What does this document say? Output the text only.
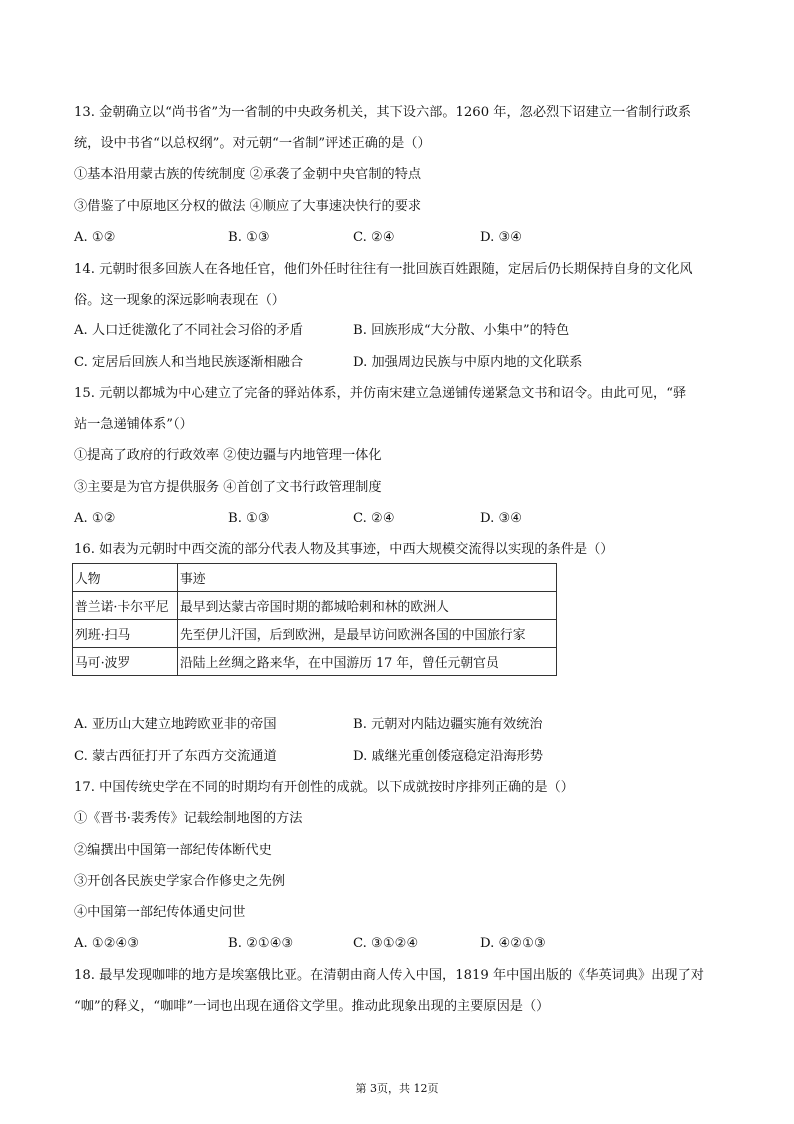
13. 金朝确立以“尚书省”为一省制的中央政务机关，其下设六部。1260 年，忽必烈下诏建立一省制行政系
统，设中书省“以总权纲”。对元朝“一省制”评述正确的是（）
①基本沿用蒙古族的传统制度 ②承袭了金朝中央官制的特点
③借鉴了中原地区分权的做法 ④顺应了大事速决快行的要求
A. ①②	B. ①③	C. ②④	D. ③④
14. 元朝时很多回族人在各地任官，他们外任时往往有一批回族百姓跟随，定居后仍长期保持自身的文化风
俗。这一现象的深远影响表现在（）
A. 人口迁徙激化了不同社会习俗的矛盾	B. 回族形成“大分散、小集中”的特色
C. 定居后回族人和当地民族逐渐相融合	D. 加强周边民族与中原内地的文化联系
15. 元朝以都城为中心建立了完备的驿站体系，并仿南宋建立急递铺传递紧急文书和诏令。由此可见，“驿
站一急递铺体系”（）
①提高了政府的行政效率 ②使边疆与内地管理一体化
③主要是为官方提供服务 ④首创了文书行政管理制度
A. ①②	B. ①③	C. ②④	D. ③④
16. 如表为元朝时中西交流的部分代表人物及其事迹，中西大规模交流得以实现的条件是（）
人物	事迹
普兰诺·卡尔平尼	最早到达蒙古帝国时期的都城哈剌和林的欧洲人
列班·扫马	先至伊儿汗国，后到欧洲，是最早访问欧洲各国的中国旅行家
马可·波罗	沿陆上丝绸之路来华，在中国游历 17 年，曾任元朝官员
A. 亚历山大建立地跨欧亚非的帝国	B. 元朝对内陆边疆实施有效统治
C. 蒙古西征打开了东西方交流通道	D. 戚继光重创倭寇稳定沿海形势
17. 中国传统史学在不同的时期均有开创性的成就。以下成就按时序排列正确的是（）
①《晋书·裴秀传》记载绘制地图的方法
②编撰出中国第一部纪传体断代史
③开创各民族史学家合作修史之先例
④中国第一部纪传体通史问世
A. ①②④③	B. ②①④③	C. ③①②④	D. ④②①③
18. 最早发现咖啡的地方是埃塞俄比亚。在清朝由商人传入中国，1819 年中国出版的《华英词典》出现了对
“咖”的释义，“咖啡”一词也出现在通俗文学里。推动此现象出现的主要原因是（）
第 3页，共 12页
